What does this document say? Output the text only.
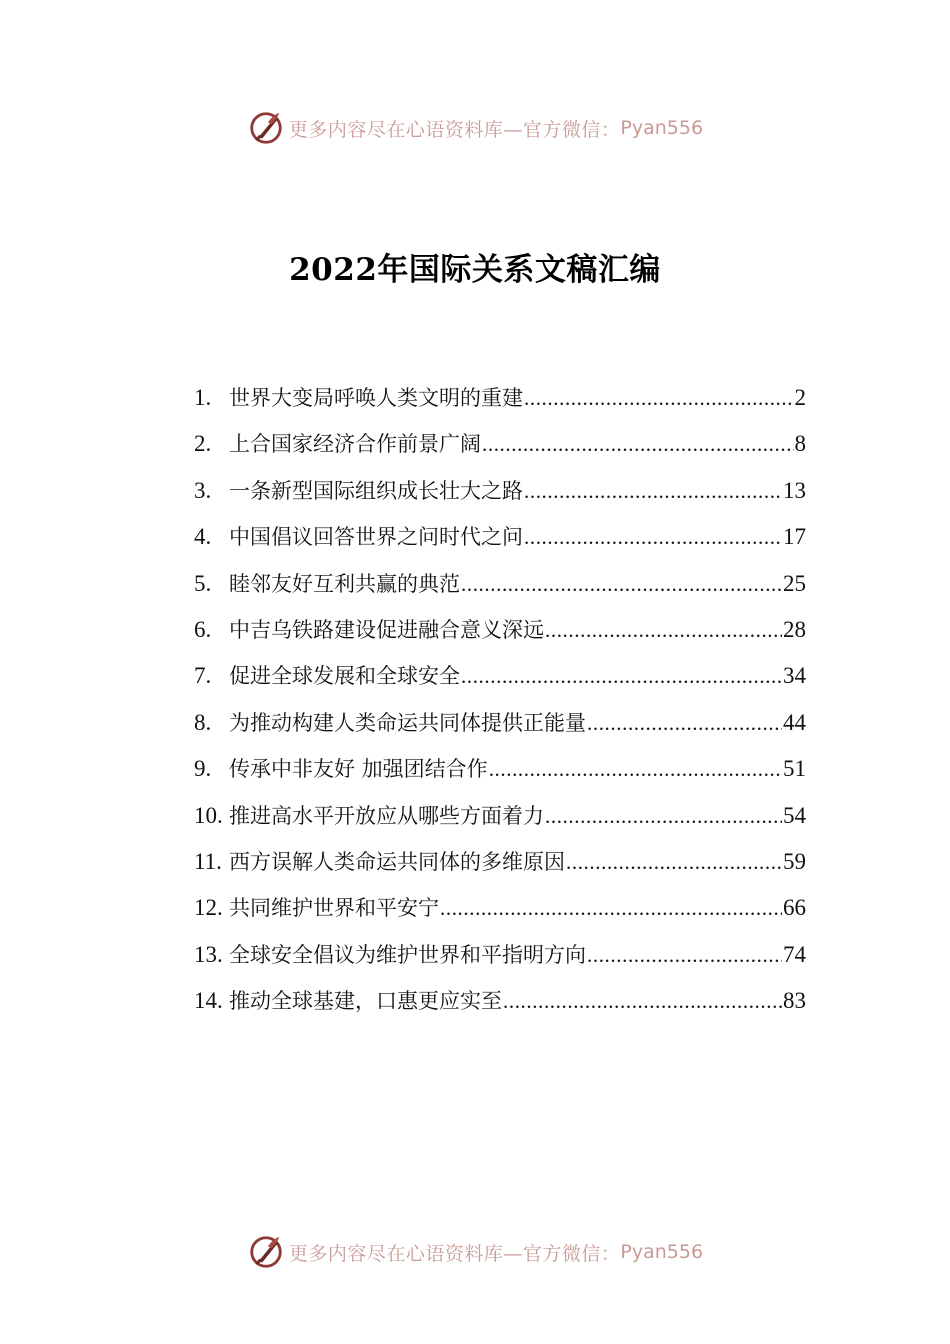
更多内容尽在心语资料库—官方微信： Pyan556
2022年国际关系文稿汇编
1. 世界大变局呼唤人类文明的重建 .....	2
2. 上合国家经济合作前景广阔 .....	8
3. 一条新型国际组织成长壮大之路 .....	13
4. 中国倡议回答世界之问时代之问 .....	17
5. 睦邻友好互利共赢的典范 .....	25
6. 中吉乌铁路建设促进融合意义深远 .....	28
7. 促进全球发展和全球安全 .....	34
8. 为推动构建人类命运共同体提供正能量 .....	44
9. 传承中非友好 加强团结合作 .....	51
10. 推进高水平开放应从哪些方面着力 .....	54
11. 西方误解人类命运共同体的多维原因 .....	59
12. 共同维护世界和平安宁 .....	66
13. 全球安全倡议为维护世界和平指明方向 .....	74
14. 推动全球基建，口惠更应实至 .....	83
更多内容尽在心语资料库—官方微信： Pyan556
